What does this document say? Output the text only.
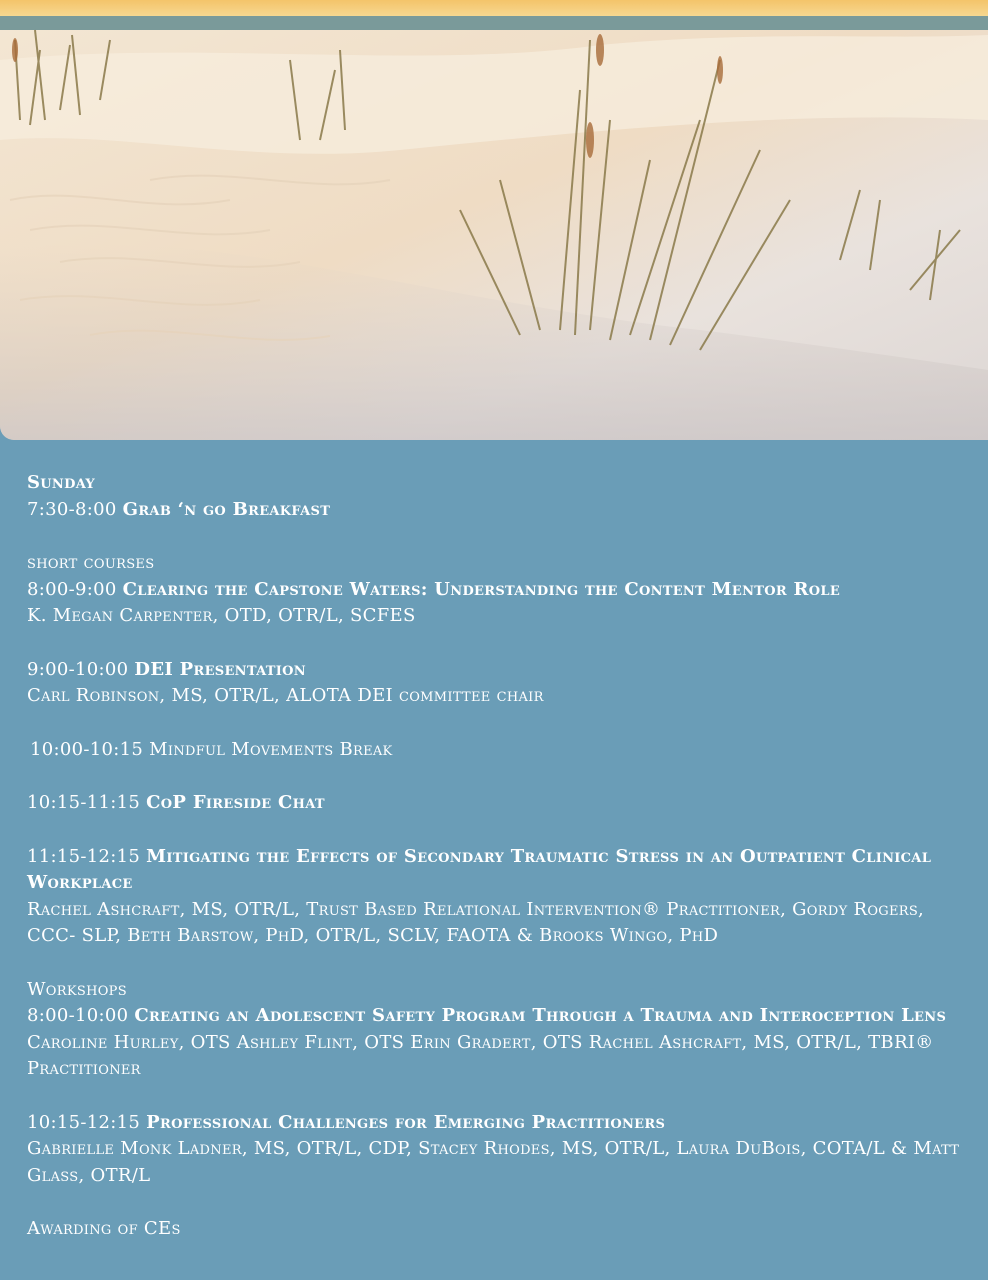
Sunday
7:30-8:00 Grab ‘n go Breakfast
short courses
8:00-9:00 Clearing the Capstone Waters: Understanding the Content Mentor Role
K. Megan Carpenter, OTD, OTR/L, SCFES
9:00-10:00 DEI Presentation
Carl Robinson, MS, OTR/L, ALOTA DEI committee chair
10:00-10:15 Mindful Movements Break
10:15-11:15 CoP Fireside Chat
11:15-12:15 Mitigating the Effects of Secondary Traumatic Stress in an Outpatient Clinical Workplace
Rachel Ashcraft, MS, OTR/L, Trust Based Relational Intervention® Practitioner, Gordy Rogers, CCC- SLP, Beth Barstow, PhD, OTR/L, SCLV, FAOTA & Brooks Wingo, PhD
Workshops
8:00-10:00 Creating an Adolescent Safety Program Through a Trauma and Interoception Lens
Caroline Hurley, OTS Ashley Flint, OTS Erin Gradert, OTS Rachel Ashcraft, MS, OTR/L, TBRI® Practitioner
10:15-12:15 Professional Challenges for Emerging Practitioners
Gabrielle Monk Ladner, MS, OTR/L, CDP, Stacey Rhodes, MS, OTR/L, Laura DuBois, COTA/L & Matt Glass, OTR/L
Awarding of CEs
